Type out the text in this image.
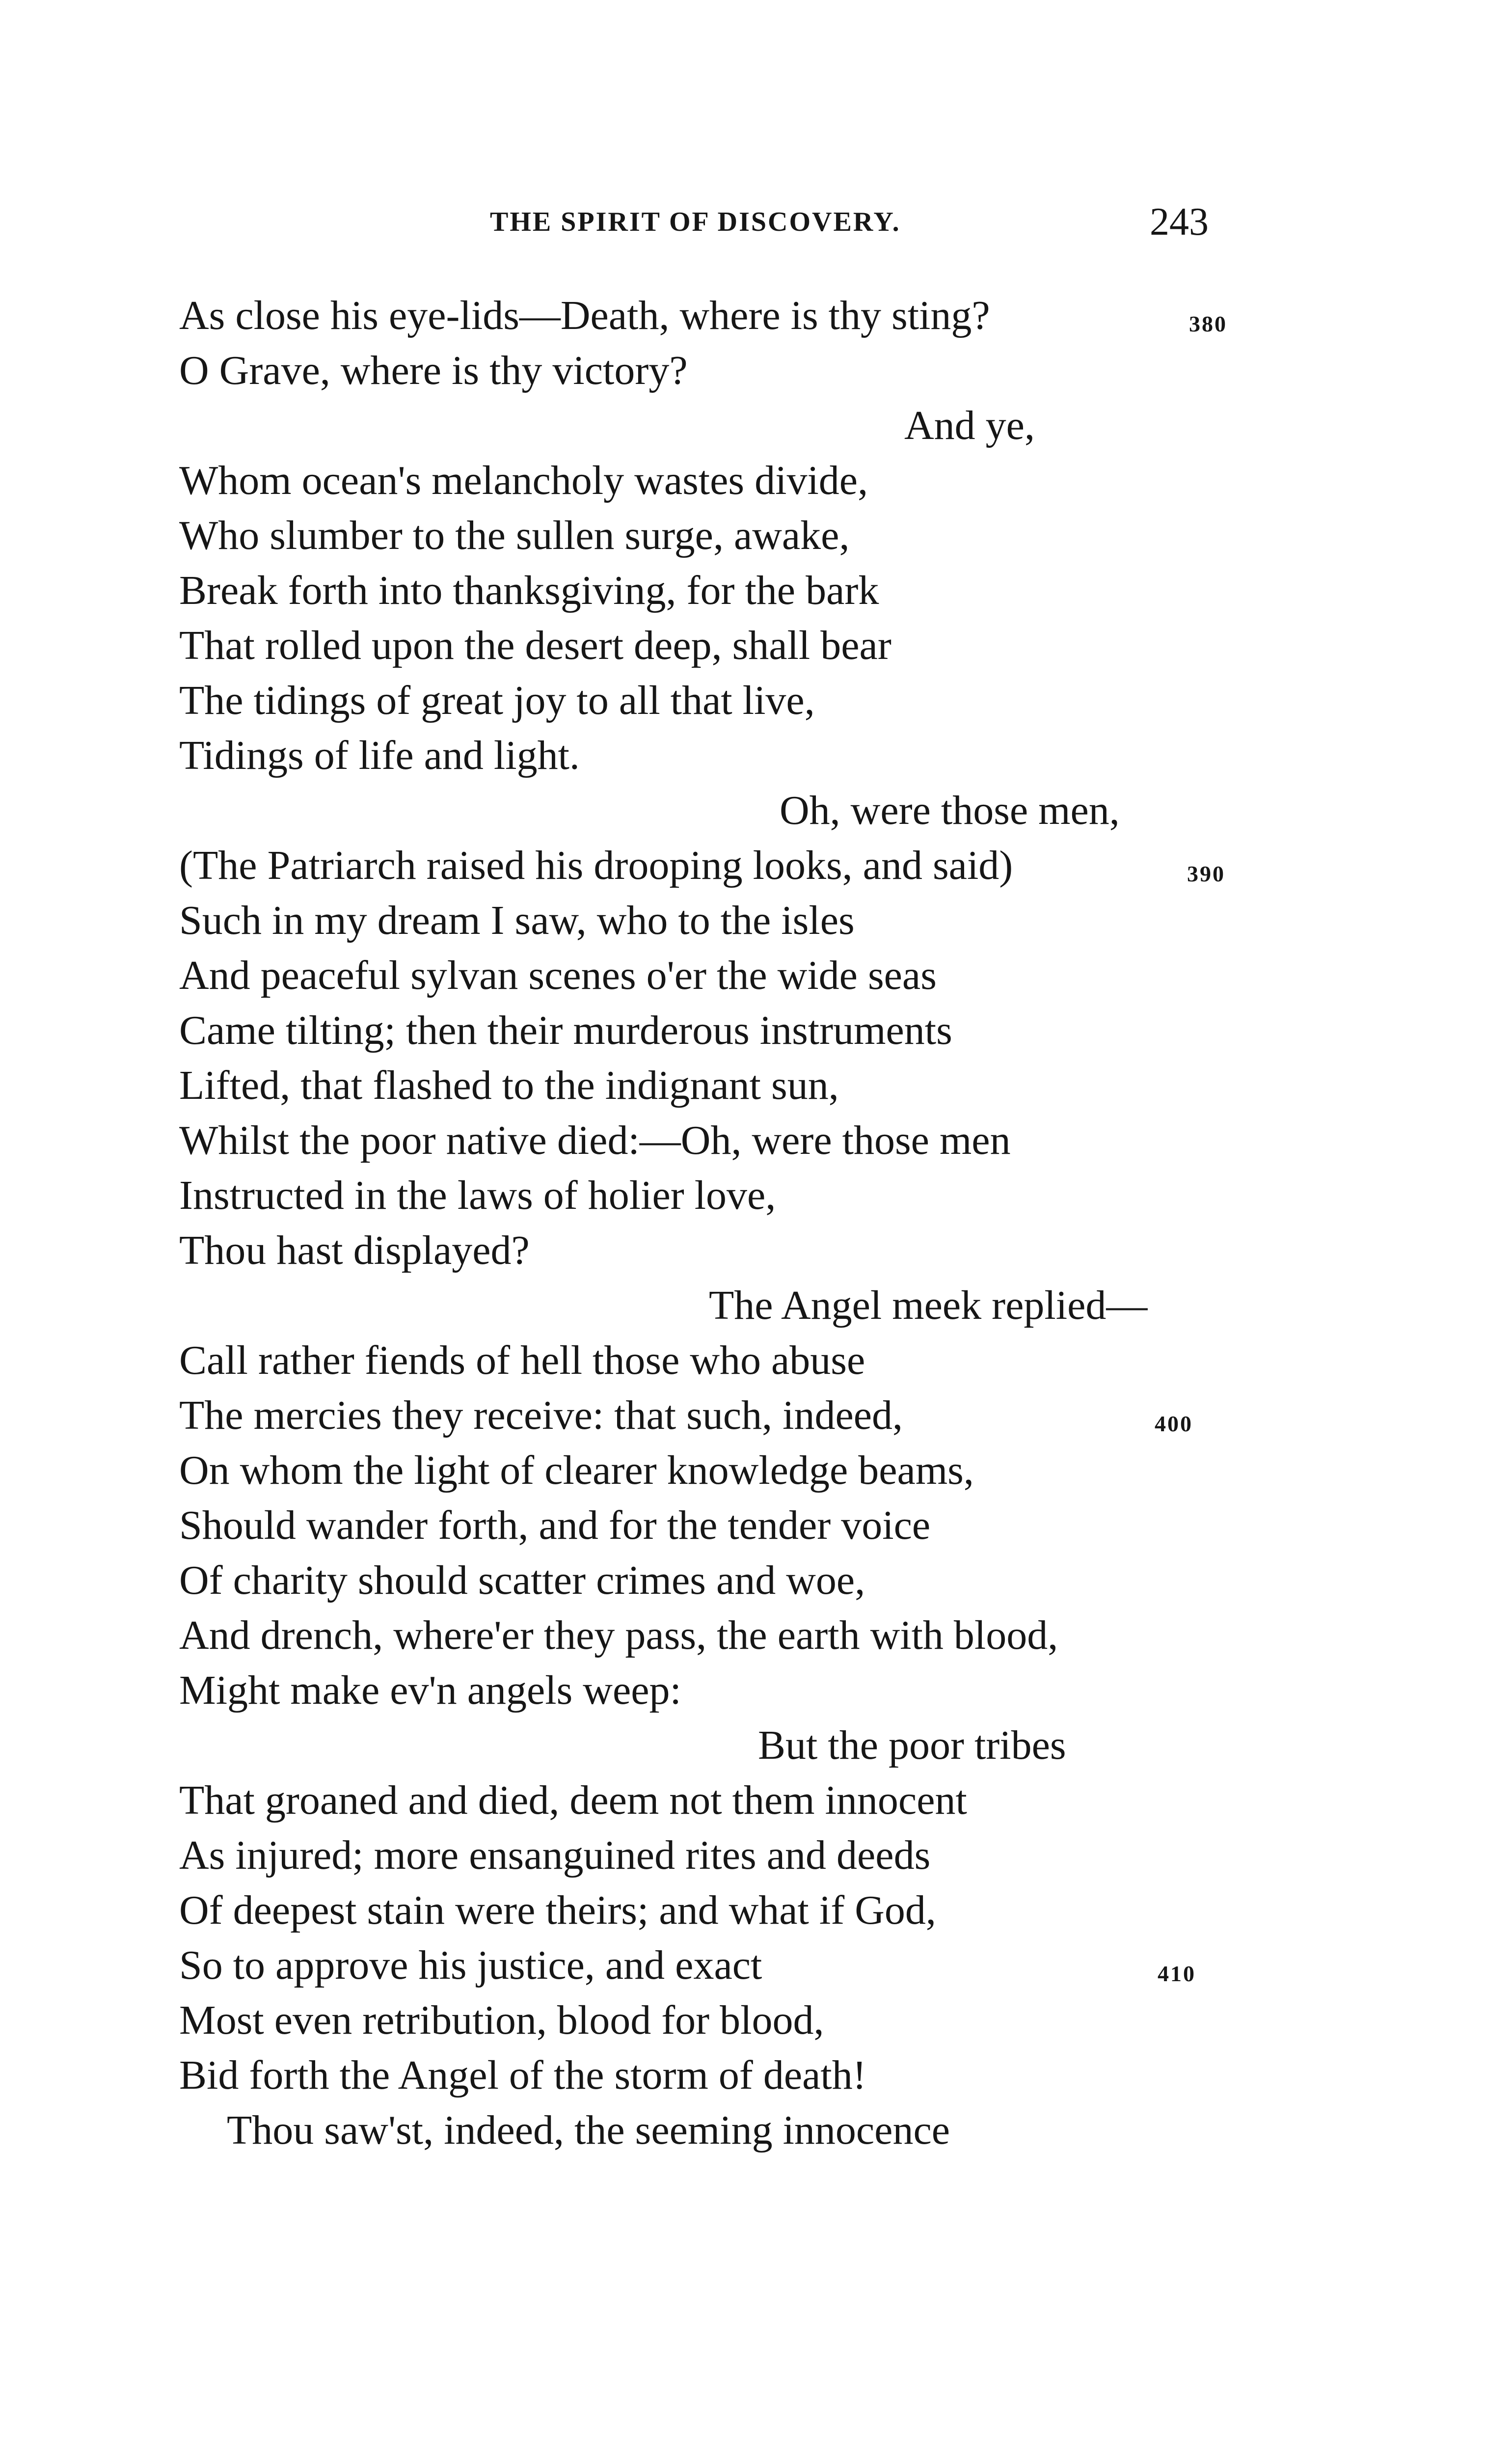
THE SPIRIT OF DISCOVERY.	243
As close his eye-lids—Death, where is thy sting?	380
O Grave, where is thy victory?
And ye,
Whom ocean's melancholy wastes divide,
Who slumber to the sullen surge, awake,
Break forth into thanksgiving, for the bark
That rolled upon the desert deep, shall bear
The tidings of great joy to all that live,
Tidings of life and light.
Oh, were those men,
(The Patriarch raised his drooping looks, and said)	390
Such in my dream I saw, who to the isles
And peaceful sylvan scenes o'er the wide seas
Came tilting; then their murderous instruments
Lifted, that flashed to the indignant sun,
Whilst the poor native died:—Oh, were those men
Instructed in the laws of holier love,
Thou hast displayed?
The Angel meek replied—
Call rather fiends of hell those who abuse
The mercies they receive: that such, indeed,	400
On whom the light of clearer knowledge beams,
Should wander forth, and for the tender voice
Of charity should scatter crimes and woe,
And drench, where'er they pass, the earth with blood,
Might make ev'n angels weep:
But the poor tribes
That groaned and died, deem not them innocent
As injured; more ensanguined rites and deeds
Of deepest stain were theirs; and what if God,
So to approve his justice, and exact	410
Most even retribution, blood for blood,
Bid forth the Angel of the storm of death!
Thou saw'st, indeed, the seeming innocence
